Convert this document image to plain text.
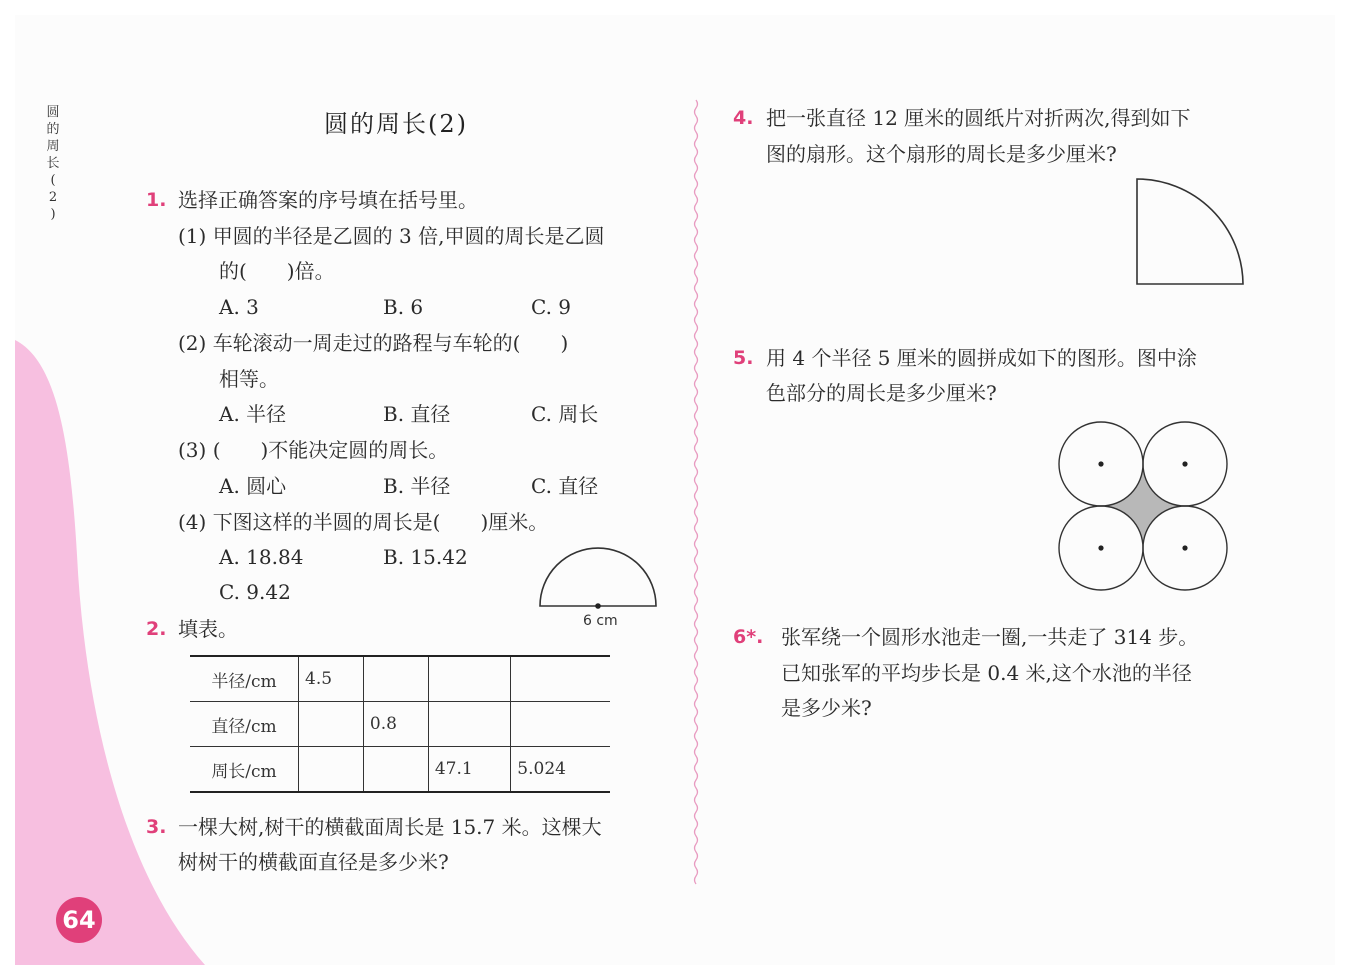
圆
的
周
长
(
2
)
圆的周长(2)
1. 选择正确答案的序号填在括号里。
(1) 甲圆的半径是乙圆的 3 倍,甲圆的周长是乙圆
的(　　)倍。
A. 3	B. 6	C. 9
(2) 车轮滚动一周走过的路程与车轮的(　　)
相等。
A. 半径	B. 直径	C. 周长
(3) (　　)不能决定圆的周长。
A. 圆心	B. 半径	C. 直径
(4) 下图这样的半圆的周长是(　　)厘米。
A. 18.84	B. 15.42
C. 9.42
6 cm
2. 填表。
半径/cm	4.5			
直径/cm		0.8		
周长/cm			47.1	5.024
3. 一棵大树,树干的横截面周长是 15.7 米。这棵大
树树干的横截面直径是多少米?
4. 把一张直径 12 厘米的圆纸片对折两次,得到如下
图的扇形。这个扇形的周长是多少厘米?
5. 用 4 个半径 5 厘米的圆拼成如下的图形。图中涂
色部分的周长是多少厘米?
6*. 张军绕一个圆形水池走一圈,一共走了 314 步。
已知张军的平均步长是 0.4 米,这个水池的半径
是多少米?
64
